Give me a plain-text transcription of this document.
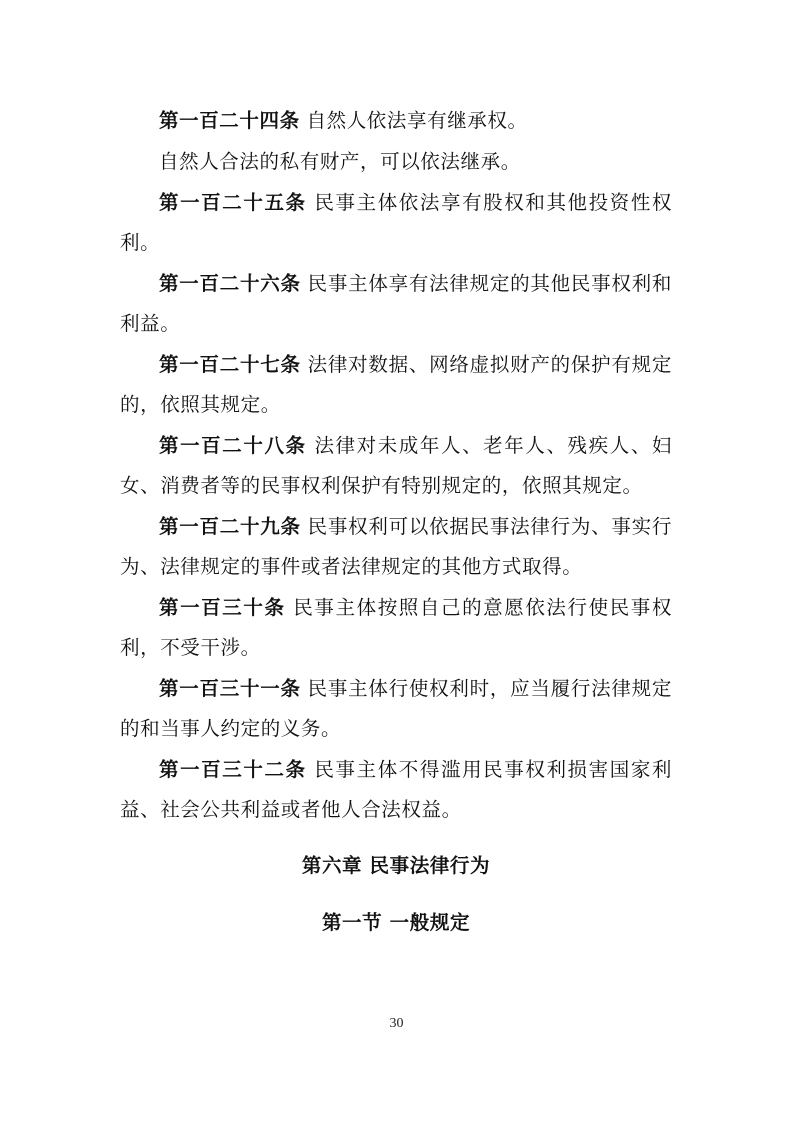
第一百二十四条 自然人依法享有继承权。

自然人合法的私有财产，可以依法继承。

第一百二十五条 民事主体依法享有股权和其他投资性权利。

第一百二十六条 民事主体享有法律规定的其他民事权利和利益。

第一百二十七条 法律对数据、网络虚拟财产的保护有规定的，依照其规定。

第一百二十八条 法律对未成年人、老年人、残疾人、妇女、消费者等的民事权利保护有特别规定的，依照其规定。

第一百二十九条 民事权利可以依据民事法律行为、事实行为、法律规定的事件或者法律规定的其他方式取得。

第一百三十条 民事主体按照自己的意愿依法行使民事权利，不受干涉。

第一百三十一条 民事主体行使权利时，应当履行法律规定的和当事人约定的义务。

第一百三十二条 民事主体不得滥用民事权利损害国家利益、社会公共利益或者他人合法权益。

第六章 民事法律行为
第一节 一般规定
30
